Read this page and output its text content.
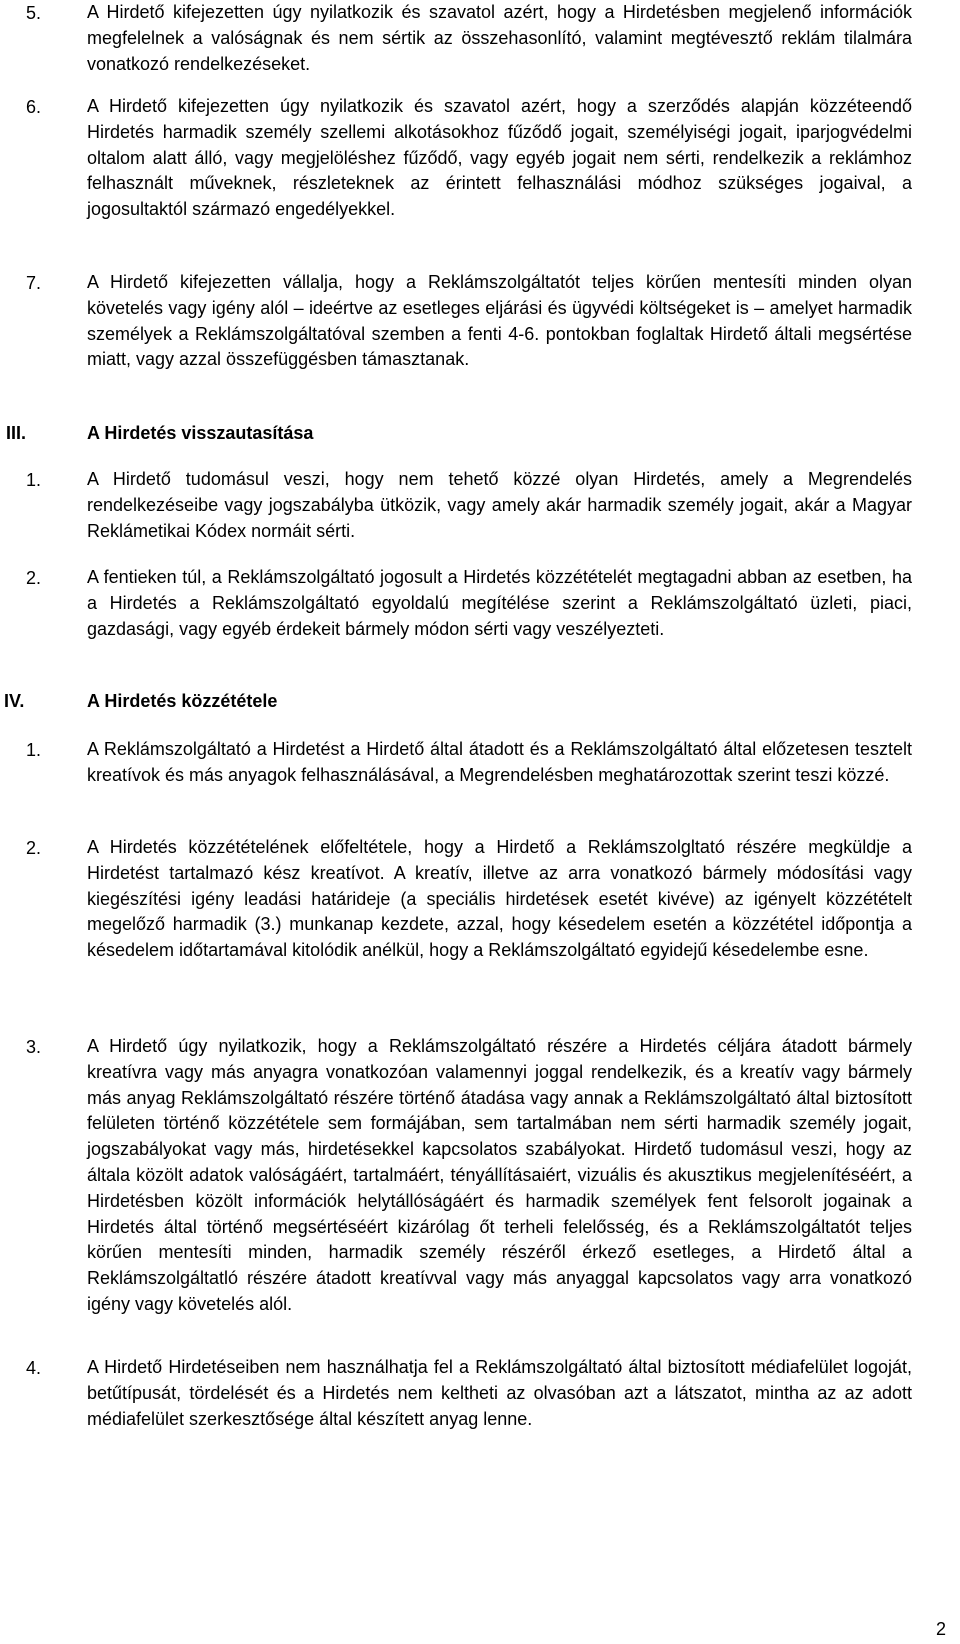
5.	A Hirdető kifejezetten úgy nyilatkozik és szavatol azért, hogy a Hirdetésben megjelenő információk megfelelnek a valóságnak és nem sértik az összehasonlító, valamint megtévesztő reklám tilalmára vonatkozó rendelkezéseket.
6.	A Hirdető kifejezetten úgy nyilatkozik és szavatol azért, hogy a szerződés alapján közzéteendő Hirdetés harmadik személy szellemi alkotásokhoz fűződő jogait, személyiségi jogait, iparjogvédelmi oltalom alatt álló, vagy megjelöléshez fűződő, vagy egyéb jogait nem sérti, rendelkezik a reklámhoz felhasznált műveknek, részleteknek az érintett felhasználási módhoz szükséges jogaival, a jogosultaktól származó engedélyekkel.
7.	A Hirdető kifejezetten vállalja, hogy a Reklámszolgáltatót teljes körűen mentesíti minden olyan követelés vagy igény alól – ideértve az esetleges eljárási és ügyvédi költségeket is – amelyet harmadik személyek a Reklámszolgáltatóval szemben a fenti 4-6. pontokban foglaltak Hirdető általi megsértése miatt, vagy azzal összefüggésben támasztanak.
III.	A Hirdetés visszautasítása
1.	A Hirdető tudomásul veszi, hogy nem tehető közzé olyan Hirdetés, amely a Megrendelés rendelkezéseibe vagy jogszabályba ütközik, vagy amely akár harmadik személy jogait, akár a Magyar Reklámetikai Kódex normáit sérti.
2.	A fentieken túl, a Reklámszolgáltató jogosult a Hirdetés közzétételét megtagadni abban az esetben, ha a Hirdetés a Reklámszolgáltató egyoldalú megítélése szerint a Reklámszolgáltató üzleti, piaci, gazdasági, vagy egyéb érdekeit bármely módon sérti vagy veszélyezteti.
IV.	A Hirdetés közzététele
1.	A Reklámszolgáltató a Hirdetést a Hirdető által átadott és a Reklámszolgáltató által előzetesen tesztelt kreatívok és más anyagok felhasználásával, a Megrendelésben meghatározottak szerint teszi közzé.
2.	A Hirdetés közzétételének előfeltétele, hogy a Hirdető a Reklámszolgltató részére megküldje a Hirdetést tartalmazó kész kreatívot. A kreatív, illetve az arra vonatkozó bármely módosítási vagy kiegészítési igény leadási határideje (a speciális hirdetések esetét kivéve) az igényelt közzétételt megelőző harmadik (3.) munkanap kezdete, azzal, hogy késedelem esetén a közzététel időpontja a késedelem időtartamával kitolódik anélkül, hogy a Reklámszolgáltató egyidejű késedelembe esne.
3.	A Hirdető úgy nyilatkozik, hogy a Reklámszolgáltató részére a Hirdetés céljára átadott bármely kreatívra vagy más anyagra vonatkozóan valamennyi joggal rendelkezik, és a kreatív vagy bármely más anyag Reklámszolgáltató részére történő átadása vagy annak a Reklámszolgáltató által biztosított felületen történő közzététele sem formájában, sem tartalmában nem sérti harmadik személy jogait, jogszabályokat vagy más, hirdetésekkel kapcsolatos szabályokat. Hirdető tudomásul veszi, hogy az általa közölt adatok valóságáért, tartalmáért, tényállításaiért, vizuális és akusztikus megjelenítéséért, a Hirdetésben közölt információk helytállóságáért és harmadik személyek fent felsorolt jogainak a Hirdetés által történő megsértéséért kizárólag őt terheli felelősség, és a Reklámszolgáltatót teljes körűen mentesíti minden, harmadik személy részéről érkező esetleges, a Hirdető által a Reklámszolgáltatló részére átadott kreatívval vagy más anyaggal kapcsolatos vagy arra vonatkozó igény vagy követelés alól.
4.	A Hirdető Hirdetéseiben nem használhatja fel a Reklámszolgáltató által biztosított médiafelület logoját, betűtípusát, tördelését és a Hirdetés nem keltheti az olvasóban azt a látszatot, mintha az az adott médiafelület szerkesztősége által készített anyag lenne.
2
